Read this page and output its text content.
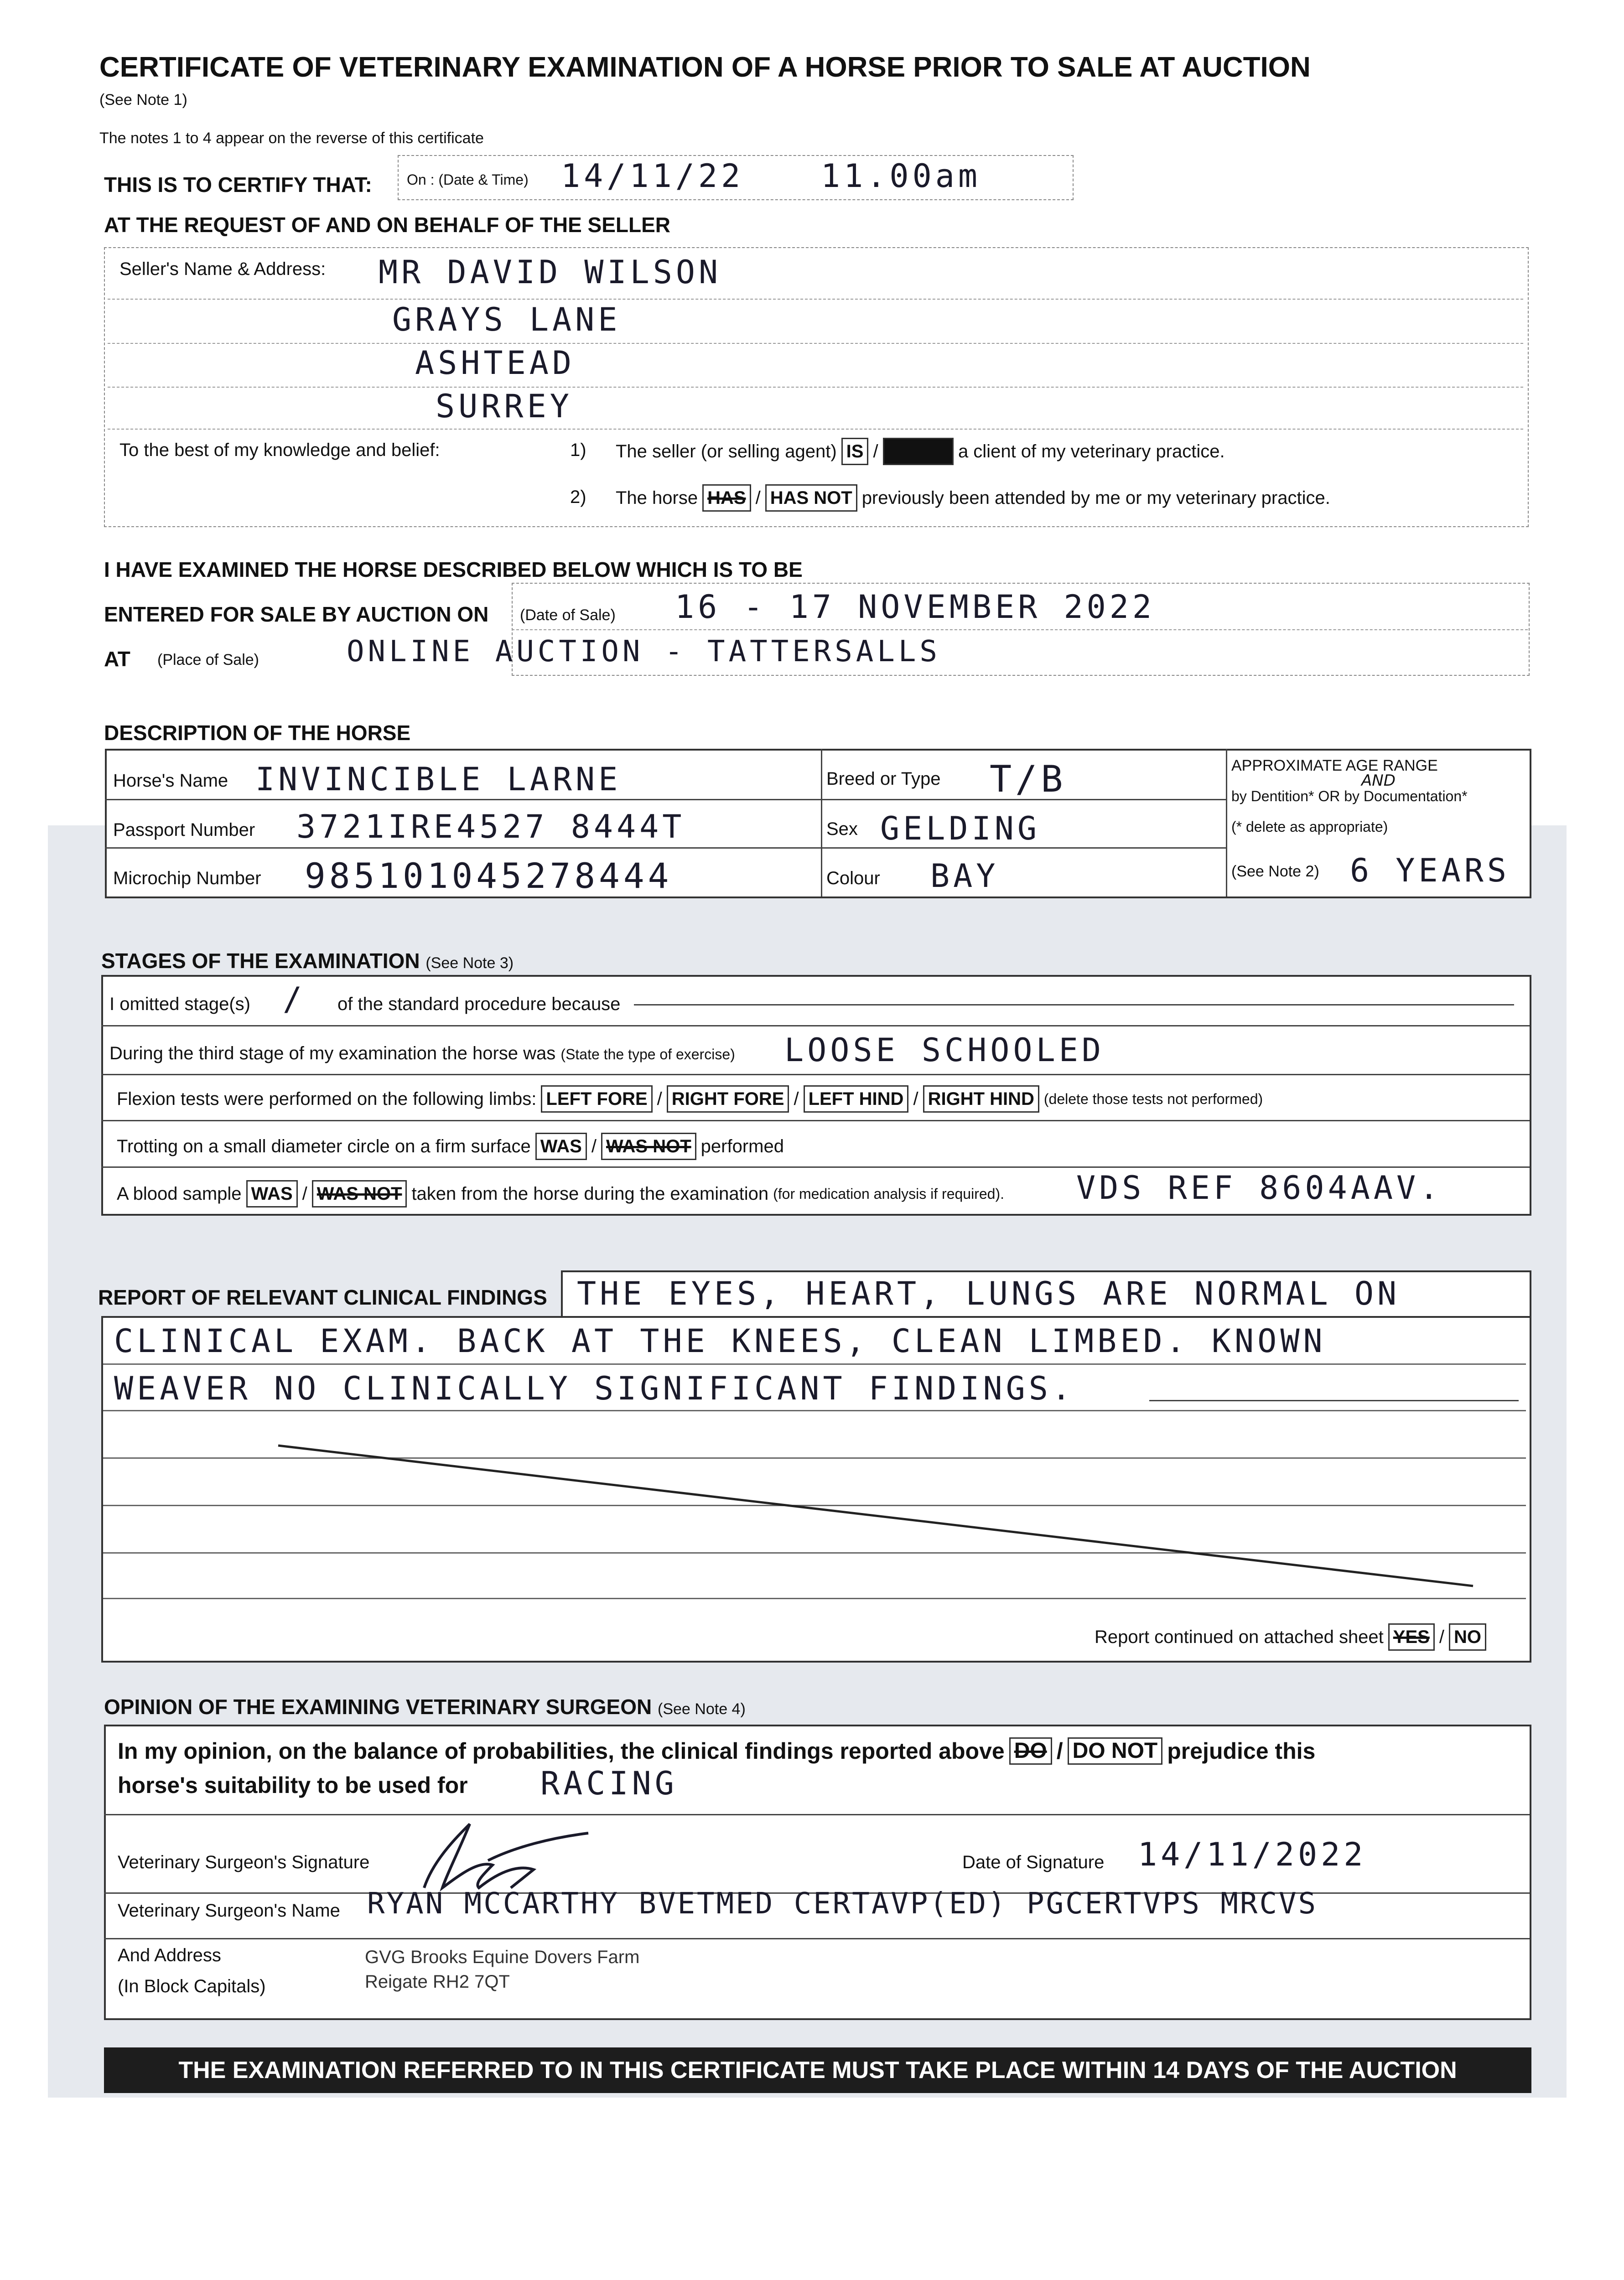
CERTIFICATE OF VETERINARY EXAMINATION OF A HORSE PRIOR TO SALE AT AUCTION
(See Note 1)
The notes 1 to 4 appear on the reverse of this certificate
THIS IS TO CERTIFY THAT: On : (Date & Time) 14/11/22 11.00am
AT THE REQUEST OF AND ON BEHALF OF THE SELLER
Seller's Name & Address: MR DAVID WILSON
GRAYS LANE
ASHTEAD
SURREY
To the best of my knowledge and belief:	1) The seller (or selling agent) IS / IS NOT a client of my veterinary practice.
2) The horse HAS / HAS NOT previously been attended by me or my veterinary practice.
I HAVE EXAMINED THE HORSE DESCRIBED BELOW WHICH IS TO BE
ENTERED FOR SALE BY AUCTION ON (Date of Sale) 16 - 17 NOVEMBER 2022
AT (Place of Sale)	ONLINE AUCTION - TATTERSALLS
DESCRIPTION OF THE HORSE
Horse's Name INVINCIBLE LARNE
Passport Number 3721IRE4527 8444T
Microchip Number 985101045278444
Breed or Type T/B
Sex GELDING
Colour BAY
APPROXIMATE AGE RANGE
AND
by Dentition* OR by Documentation*
(* delete as appropriate)
(See Note 2) 6 YEARS
STAGES OF THE EXAMINATION (See Note 3)
I omitted stage(s) / of the standard procedure because
During the third stage of my examination the horse was (State the type of exercise) LOOSE SCHOOLED
Flexion tests were performed on the following limbs: LEFT FORE / RIGHT FORE / LEFT HIND / RIGHT HIND (delete those tests not performed)
Trotting on a small diameter circle on a firm surface WAS / WAS NOT performed
A blood sample WAS / WAS NOT taken from the horse during the examination (for medication analysis if required). VDS REF 8604AAV.
REPORT OF RELEVANT CLINICAL FINDINGS THE EYES, HEART, LUNGS ARE NORMAL ON
CLINICAL EXAM. BACK AT THE KNEES, CLEAN LIMBED. KNOWN
WEAVER NO CLINICALLY SIGNIFICANT FINDINGS.
Report continued on attached sheet YES / NO
OPINION OF THE EXAMINING VETERINARY SURGEON (See Note 4)
In my opinion, on the balance of probabilities, the clinical findings reported above DO / DO NOT prejudice this
horse's suitability to be used for RACING
Veterinary Surgeon's Signature	Date of Signature 14/11/2022
Veterinary Surgeon's Name RYAN MCCARTHY BVETMED CERTAVP(ED) PGCERTVPS MRCVS
And Address
(In Block Capitals)
GVG Brooks Equine Dovers Farm
Reigate RH2 7QT
THE EXAMINATION REFERRED TO IN THIS CERTIFICATE MUST TAKE PLACE WITHIN 14 DAYS OF THE AUCTION
